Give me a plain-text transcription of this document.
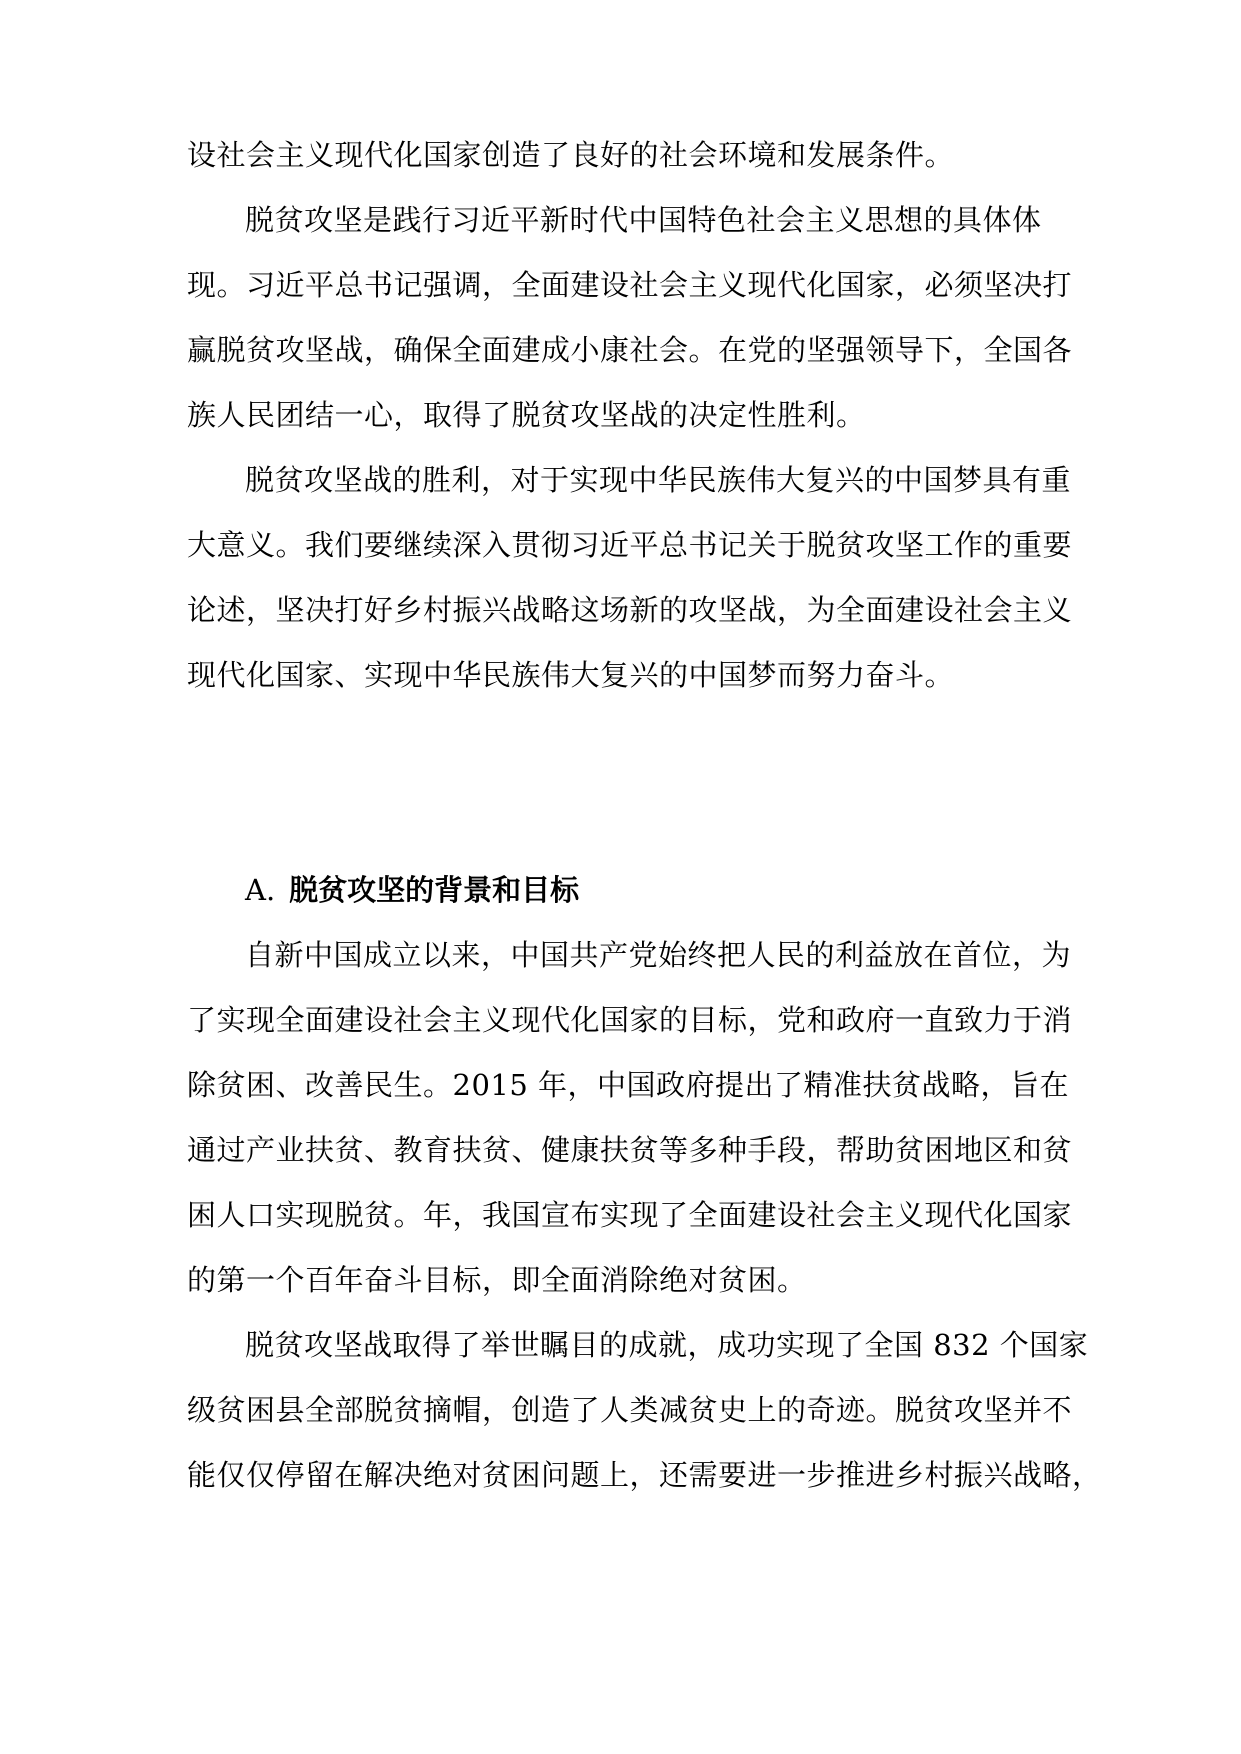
设社会主义现代化国家创造了良好的社会环境和发展条件。
脱贫攻坚是践行习近平新时代中国特色社会主义思想的具体体
现。习近平总书记强调，全面建设社会主义现代化国家，必须坚决打
赢脱贫攻坚战，确保全面建成小康社会。在党的坚强领导下，全国各
族人民团结一心，取得了脱贫攻坚战的决定性胜利。
脱贫攻坚战的胜利，对于实现中华民族伟大复兴的中国梦具有重
大意义。我们要继续深入贯彻习近平总书记关于脱贫攻坚工作的重要
论述，坚决打好乡村振兴战略这场新的攻坚战，为全面建设社会主义
现代化国家、实现中华民族伟大复兴的中国梦而努力奋斗。
A. 脱贫攻坚的背景和目标
自新中国成立以来，中国共产党始终把人民的利益放在首位，为
了实现全面建设社会主义现代化国家的目标，党和政府一直致力于消
除贫困、改善民生。2015 年，中国政府提出了精准扶贫战略，旨在
通过产业扶贫、教育扶贫、健康扶贫等多种手段，帮助贫困地区和贫
困人口实现脱贫。年，我国宣布实现了全面建设社会主义现代化国家
的第一个百年奋斗目标，即全面消除绝对贫困。
脱贫攻坚战取得了举世瞩目的成就，成功实现了全国 832 个国家
级贫困县全部脱贫摘帽，创造了人类减贫史上的奇迹。脱贫攻坚并不
能仅仅停留在解决绝对贫困问题上，还需要进一步推进乡村振兴战略，
